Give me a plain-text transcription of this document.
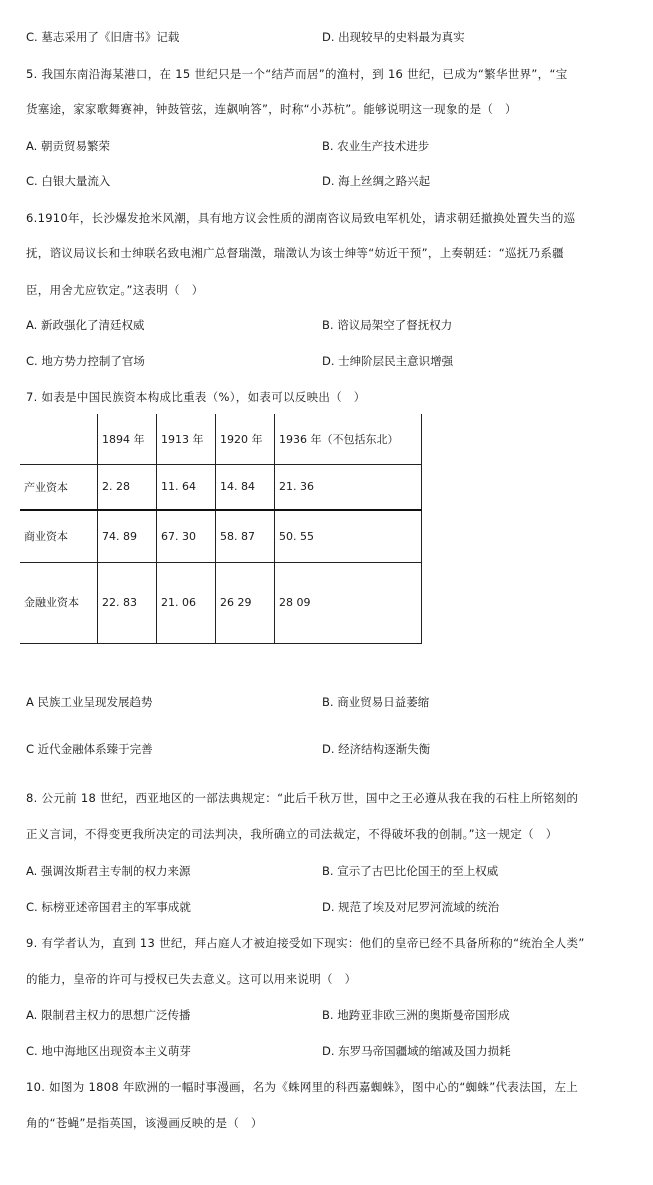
C. 墓志采用了《旧唐书》记载	D. 出现较早的史料最为真实
5. 我国东南沿海某港口，在 15 世纪只是一个“结芦而居”的渔村，到 16 世纪，已成为“繁华世界”，“宝
货塞途，家家歌舞赛神，钟鼓管弦，连飙响答”，时称“小苏杭”。能够说明这一现象的是（　）
A. 朝贡贸易繁荣	B. 农业生产技术进步
C. 白银大量流入	D. 海上丝绸之路兴起
6.1910年，长沙爆发抢米风潮，具有地方议会性质的湖南咨议局致电军机处，请求朝廷撤换处置失当的巡
抚，谘议局议长和士绅联名致电湘广总督瑞澂，瑞澂认为该士绅等“妨近干预”，上奏朝廷：“巡抚乃系疆
臣，用舍尤应钦定。”这表明（　）
A. 新政强化了清廷权威	B. 谘议局架空了督抚权力
C. 地方势力控制了官场	D. 士绅阶层民主意识增强
7. 如表是中国民族资本构成比重表（%），如表可以反映出（　）
	1894 年	1913 年	1920 年	1936 年（不包括东北）
产业资本	2. 28	11. 64	14. 84	21. 36
商业资本	74. 89	67. 30	58. 87	50. 55
金融业资本	22. 83	21. 06	26 29	28 09
A 民族工业呈现发展趋势	B. 商业贸易日益萎缩
C 近代金融体系臻于完善	D. 经济结构逐渐失衡
8. 公元前 18 世纪，西亚地区的一部法典规定：“此后千秋万世，国中之王必遵从我在我的石柱上所铭刻的
正义言词，不得变更我所决定的司法判决，我所确立的司法裁定，不得破坏我的创制。”这一规定（　）
A. 强调汝斯君主专制的权力来源	B. 宣示了古巴比伦国王的至上权威
C. 标榜亚述帝国君主的军事成就	D. 规范了埃及对尼罗河流域的统治
9. 有学者认为，直到 13 世纪，拜占庭人才被迫接受如下现实：他们的皇帝已经不具备所称的“统治全人类”
的能力，皇帝的许可与授权已失去意义。这可以用来说明（　）
A. 限制君主权力的思想广泛传播	B. 地跨亚非欧三洲的奥斯曼帝国形成
C. 地中海地区出现资本主义萌芽	D. 东罗马帝国疆域的缩减及国力损耗
10. 如图为 1808 年欧洲的一幅时事漫画，名为《蛛网里的科西嘉蜘蛛》，图中心的“蜘蛛”代表法国，左上
角的“苍蝇”是指英国，该漫画反映的是（　）
